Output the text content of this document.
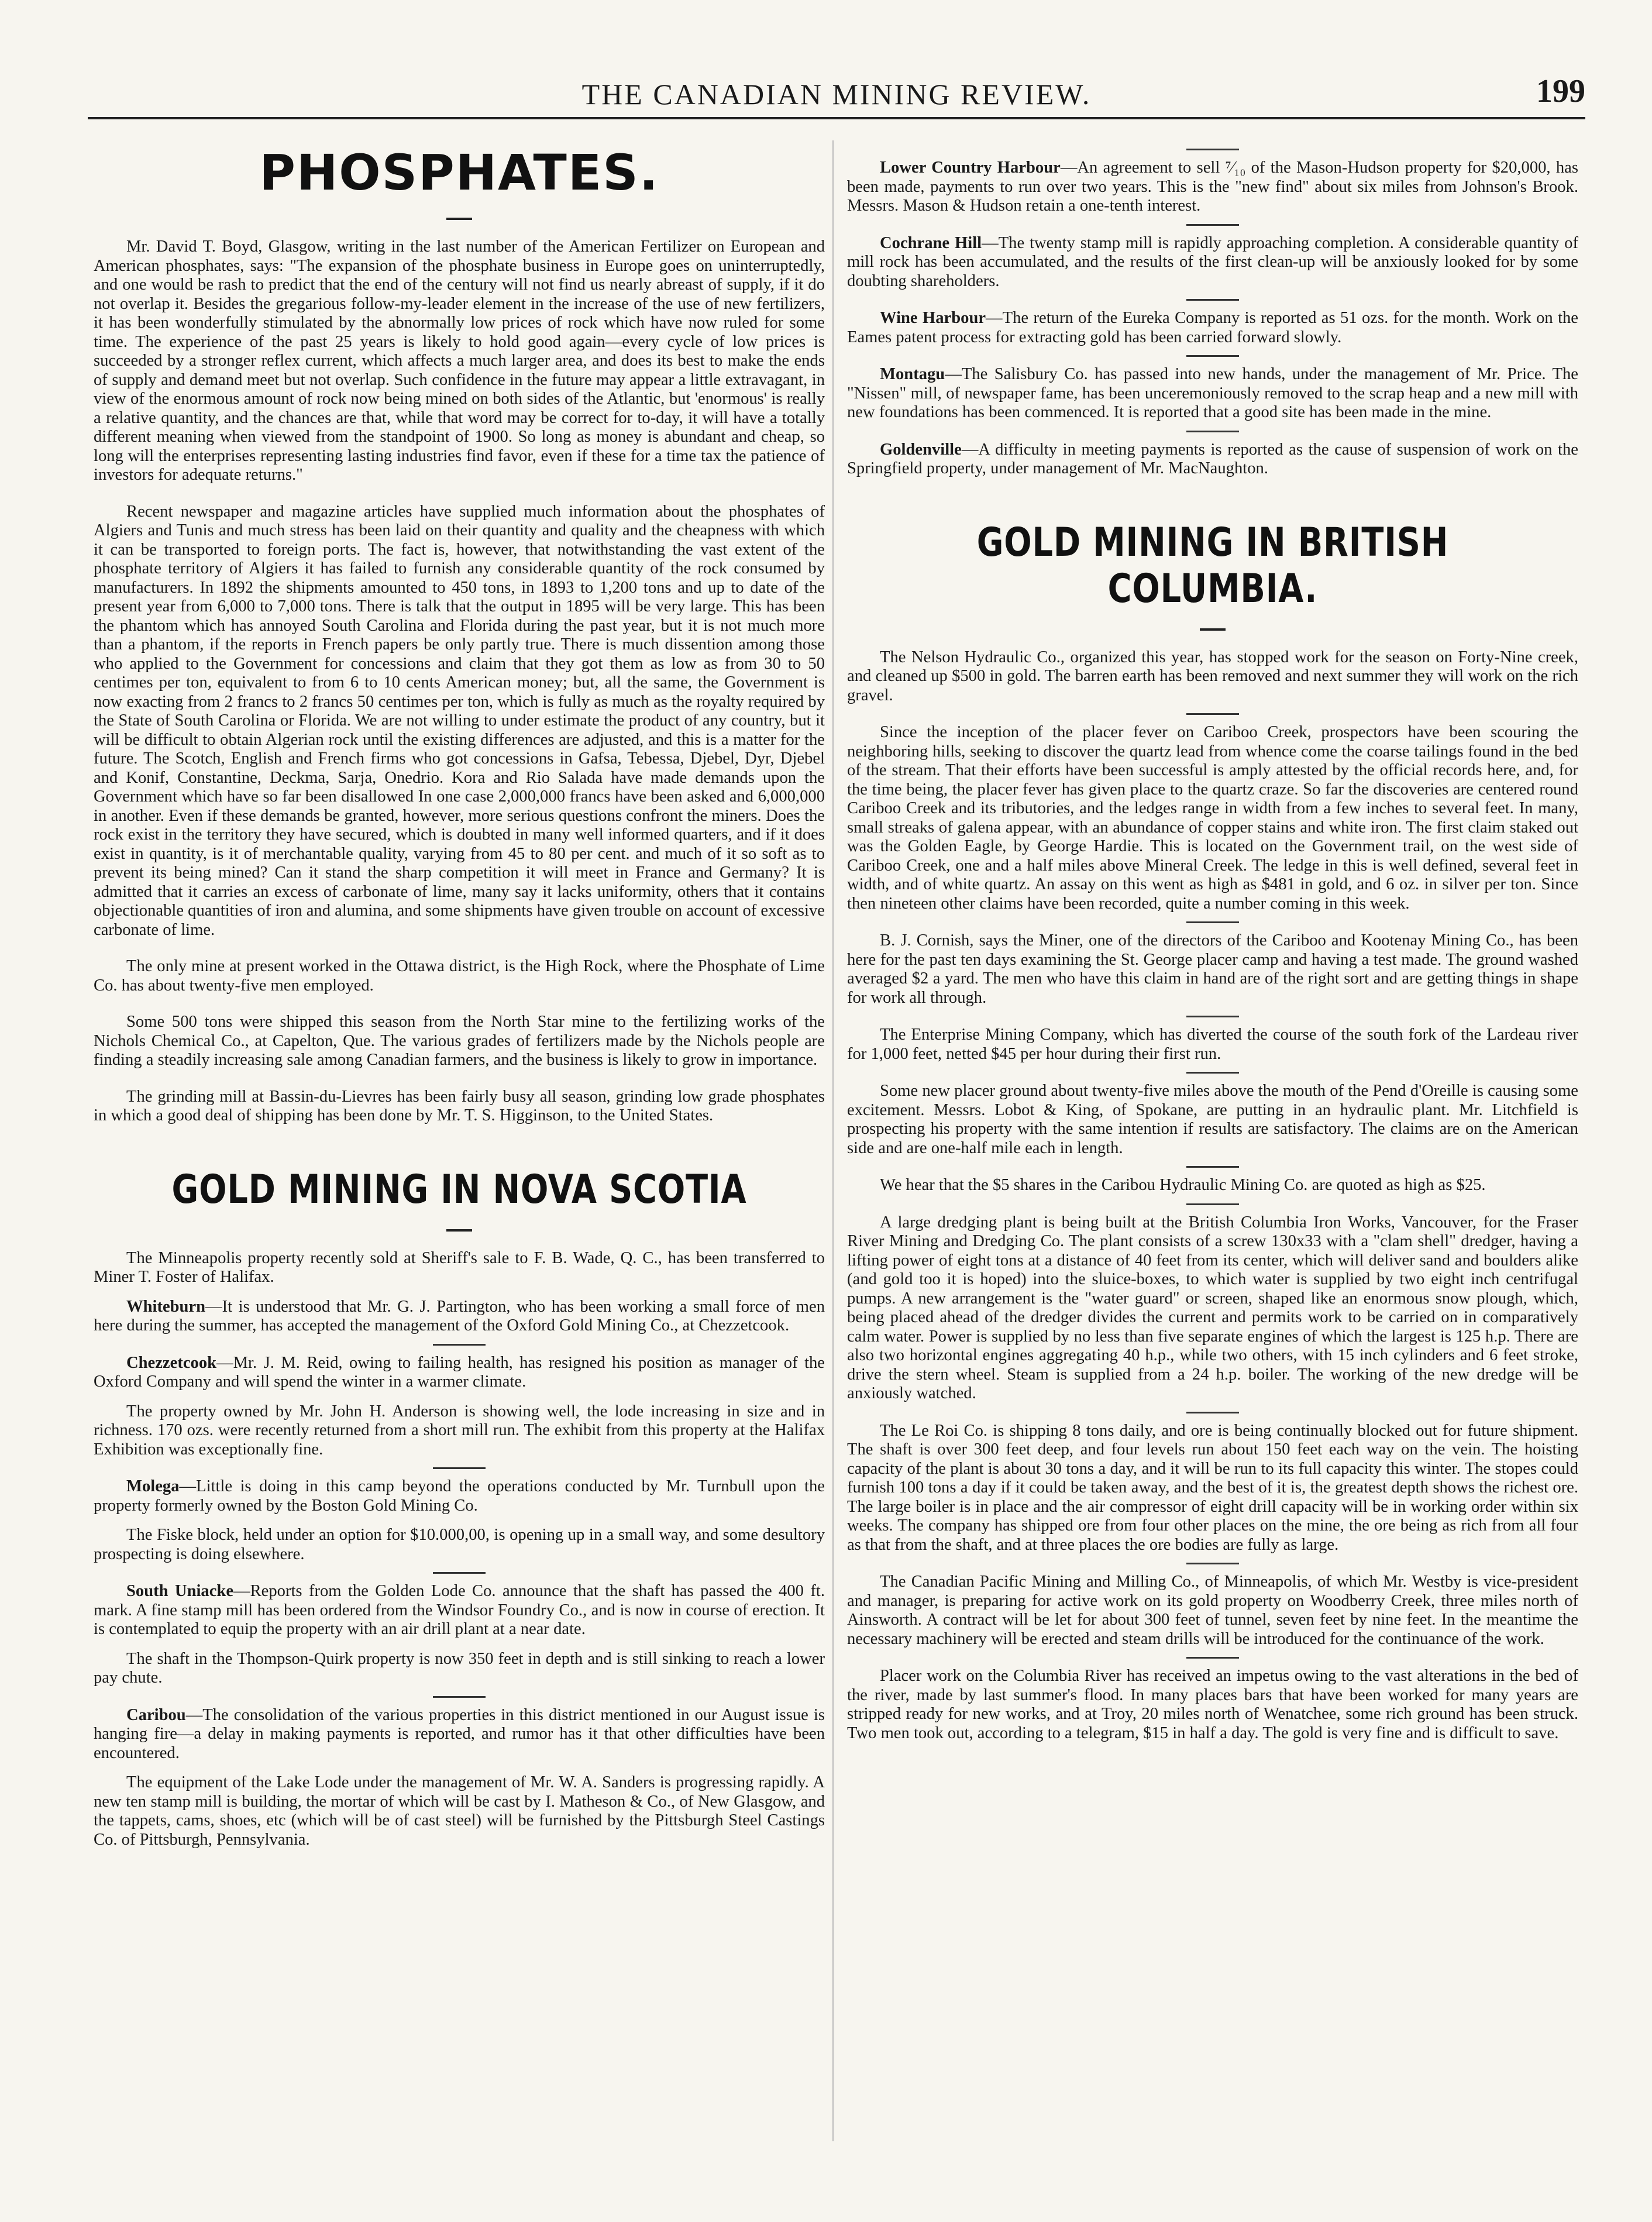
THE CANADIAN MINING REVIEW.	199
PHOSPHATES.

Mr. David T. Boyd, Glasgow, writing in the last number of the American Fertilizer on European and American phosphates, says: "The expansion of the phosphate business in Europe goes on uninterruptedly, and one would be rash to predict that the end of the century will not find us nearly abreast of supply, if it do not overlap it. Besides the gregarious follow-my-leader element in the increase of the use of new fertilizers, it has been wonderfully stimulated by the abnormally low prices of rock which have now ruled for some time. The experience of the past 25 years is likely to hold good again—every cycle of low prices is succeeded by a stronger reflex current, which affects a much larger area, and does its best to make the ends of supply and demand meet but not overlap. Such confidence in the future may appear a little extravagant, in view of the enormous amount of rock now being mined on both sides of the Atlantic, but 'enormous' is really a relative quantity, and the chances are that, while that word may be correct for to-day, it will have a totally different meaning when viewed from the standpoint of 1900. So long as money is abundant and cheap, so long will the enterprises representing lasting industries find favor, even if these for a time tax the patience of investors for adequate returns."

Recent newspaper and magazine articles have supplied much information about the phosphates of Algiers and Tunis and much stress has been laid on their quantity and quality and the cheapness with which it can be transported to foreign ports. The fact is, however, that notwithstanding the vast extent of the phosphate territory of Algiers it has failed to furnish any considerable quantity of the rock consumed by manufacturers. In 1892 the shipments amounted to 450 tons, in 1893 to 1,200 tons and up to date of the present year from 6,000 to 7,000 tons. There is talk that the output in 1895 will be very large. This has been the phantom which has annoyed South Carolina and Florida during the past year, but it is not much more than a phantom, if the reports in French papers be only partly true. There is much dissention among those who applied to the Government for concessions and claim that they got them as low as from 30 to 50 centimes per ton, equivalent to from 6 to 10 cents American money; but, all the same, the Government is now exacting from 2 francs to 2 francs 50 centimes per ton, which is fully as much as the royalty required by the State of South Carolina or Florida. We are not willing to under estimate the product of any country, but it will be difficult to obtain Algerian rock until the existing differences are adjusted, and this is a matter for the future. The Scotch, English and French firms who got concessions in Gafsa, Tebessa, Djebel, Dyr, Djebel and Konif, Constantine, Deckma, Sarja, Onedrio. Kora and Rio Salada have made demands upon the Government which have so far been disallowed In one case 2,000,000 francs have been asked and 6,000,000 in another. Even if these demands be granted, however, more serious questions confront the miners. Does the rock exist in the territory they have secured, which is doubted in many well informed quarters, and if it does exist in quantity, is it of merchantable quality, varying from 45 to 80 per cent. and much of it so soft as to prevent its being mined? Can it stand the sharp competition it will meet in France and Germany? It is admitted that it carries an excess of carbonate of lime, many say it lacks uniformity, others that it contains objectionable quantities of iron and alumina, and some shipments have given trouble on account of excessive carbonate of lime.

The only mine at present worked in the Ottawa district, is the High Rock, where the Phosphate of Lime Co. has about twenty-five men employed.

Some 500 tons were shipped this season from the North Star mine to the fertilizing works of the Nichols Chemical Co., at Capelton, Que. The various grades of fertilizers made by the Nichols people are finding a steadily increasing sale among Canadian farmers, and the business is likely to grow in importance.

The grinding mill at Bassin-du-Lievres has been fairly busy all season, grinding low grade phosphates in which a good deal of shipping has been done by Mr. T. S. Higginson, to the United States.

GOLD MINING IN NOVA SCOTIA

The Minneapolis property recently sold at Sheriff's sale to F. B. Wade, Q. C., has been transferred to Miner T. Foster of Halifax.

Whiteburn—It is understood that Mr. G. J. Partington, who has been working a small force of men here during the summer, has accepted the management of the Oxford Gold Mining Co., at Chezzetcook.

Chezzetcook—Mr. J. M. Reid, owing to failing health, has resigned his position as manager of the Oxford Company and will spend the winter in a warmer climate.

The property owned by Mr. John H. Anderson is showing well, the lode increasing in size and in richness. 170 ozs. were recently returned from a short mill run. The exhibit from this property at the Halifax Exhibition was exceptionally fine.

Molega—Little is doing in this camp beyond the operations conducted by Mr. Turnbull upon the property formerly owned by the Boston Gold Mining Co.

The Fiske block, held under an option for $10.000,00, is opening up in a small way, and some desultory prospecting is doing elsewhere.

South Uniacke—Reports from the Golden Lode Co. announce that the shaft has passed the 400 ft. mark. A fine stamp mill has been ordered from the Windsor Foundry Co., and is now in course of erection. It is contemplated to equip the property with an air drill plant at a near date.

The shaft in the Thompson-Quirk property is now 350 feet in depth and is still sinking to reach a lower pay chute.

Caribou—The consolidation of the various properties in this district mentioned in our August issue is hanging fire—a delay in making payments is reported, and rumor has it that other difficulties have been encountered.

The equipment of the Lake Lode under the management of Mr. W. A. Sanders is progressing rapidly. A new ten stamp mill is building, the mortar of which will be cast by I. Matheson & Co., of New Glasgow, and the tappets, cams, shoes, etc (which will be of cast steel) will be furnished by the Pittsburgh Steel Castings Co. of Pittsburgh, Pennsylvania.

Lower Country Harbour—An agreement to sell ⁷⁄₁₀ of the Mason-Hudson property for $20,000, has been made, payments to run over two years. This is the "new find" about six miles from Johnson's Brook. Messrs. Mason & Hudson retain a one-tenth interest.

Cochrane Hill—The twenty stamp mill is rapidly approaching completion. A considerable quantity of mill rock has been accumulated, and the results of the first clean-up will be anxiously looked for by some doubting shareholders.

Wine Harbour—The return of the Eureka Company is reported as 51 ozs. for the month. Work on the Eames patent process for extracting gold has been carried forward slowly.

Montagu—The Salisbury Co. has passed into new hands, under the management of Mr. Price. The "Nissen" mill, of newspaper fame, has been unceremoniously removed to the scrap heap and a new mill with new foundations has been commenced. It is reported that a good site has been made in the mine.

Goldenville—A difficulty in meeting payments is reported as the cause of suspension of work on the Springfield property, under management of Mr. MacNaughton.

GOLD MINING IN BRITISH COLUMBIA.

The Nelson Hydraulic Co., organized this year, has stopped work for the season on Forty-Nine creek, and cleaned up $500 in gold. The barren earth has been removed and next summer they will work on the rich gravel.

Since the inception of the placer fever on Cariboo Creek, prospectors have been scouring the neighboring hills, seeking to discover the quartz lead from whence come the coarse tailings found in the bed of the stream. That their efforts have been successful is amply attested by the official records here, and, for the time being, the placer fever has given place to the quartz craze. So far the discoveries are centered round Cariboo Creek and its tributories, and the ledges range in width from a few inches to several feet. In many, small streaks of galena appear, with an abundance of copper stains and white iron. The first claim staked out was the Golden Eagle, by George Hardie. This is located on the Government trail, on the west side of Cariboo Creek, one and a half miles above Mineral Creek. The ledge in this is well defined, several feet in width, and of white quartz. An assay on this went as high as $481 in gold, and 6 oz. in silver per ton. Since then nineteen other claims have been recorded, quite a number coming in this week.

B. J. Cornish, says the Miner, one of the directors of the Cariboo and Kootenay Mining Co., has been here for the past ten days examining the St. George placer camp and having a test made. The ground washed averaged $2 a yard. The men who have this claim in hand are of the right sort and are getting things in shape for work all through.

The Enterprise Mining Company, which has diverted the course of the south fork of the Lardeau river for 1,000 feet, netted $45 per hour during their first run.

Some new placer ground about twenty-five miles above the mouth of the Pend d'Oreille is causing some excitement. Messrs. Lobot & King, of Spokane, are putting in an hydraulic plant. Mr. Litchfield is prospecting his property with the same intention if results are satisfactory. The claims are on the American side and are one-half mile each in length.

We hear that the $5 shares in the Caribou Hydraulic Mining Co. are quoted as high as $25.

A large dredging plant is being built at the British Columbia Iron Works, Vancouver, for the Fraser River Mining and Dredging Co. The plant consists of a screw 130x33 with a "clam shell" dredger, having a lifting power of eight tons at a distance of 40 feet from its center, which will deliver sand and boulders alike (and gold too it is hoped) into the sluice-boxes, to which water is supplied by two eight inch centrifugal pumps. A new arrangement is the "water guard" or screen, shaped like an enormous snow plough, which, being placed ahead of the dredger divides the current and permits work to be carried on in comparatively calm water. Power is supplied by no less than five separate engines of which the largest is 125 h.p. There are also two horizontal engines aggregating 40 h.p., while two others, with 15 inch cylinders and 6 feet stroke, drive the stern wheel. Steam is supplied from a 24 h.p. boiler. The working of the new dredge will be anxiously watched.

The Le Roi Co. is shipping 8 tons daily, and ore is being continually blocked out for future shipment. The shaft is over 300 feet deep, and four levels run about 150 feet each way on the vein. The hoisting capacity of the plant is about 30 tons a day, and it will be run to its full capacity this winter. The stopes could furnish 100 tons a day if it could be taken away, and the best of it is, the greatest depth shows the richest ore. The large boiler is in place and the air compressor of eight drill capacity will be in working order within six weeks. The company has shipped ore from four other places on the mine, the ore being as rich from all four as that from the shaft, and at three places the ore bodies are fully as large.

The Canadian Pacific Mining and Milling Co., of Minneapolis, of which Mr. Westby is vice-president and manager, is preparing for active work on its gold property on Woodberry Creek, three miles north of Ainsworth. A contract will be let for about 300 feet of tunnel, seven feet by nine feet. In the meantime the necessary machinery will be erected and steam drills will be introduced for the continuance of the work.

Placer work on the Columbia River has received an impetus owing to the vast alterations in the bed of the river, made by last summer's flood. In many places bars that have been worked for many years are stripped ready for new works, and at Troy, 20 miles north of Wenatchee, some rich ground has been struck. Two men took out, according to a telegram, $15 in half a day. The gold is very fine and is difficult to save.
